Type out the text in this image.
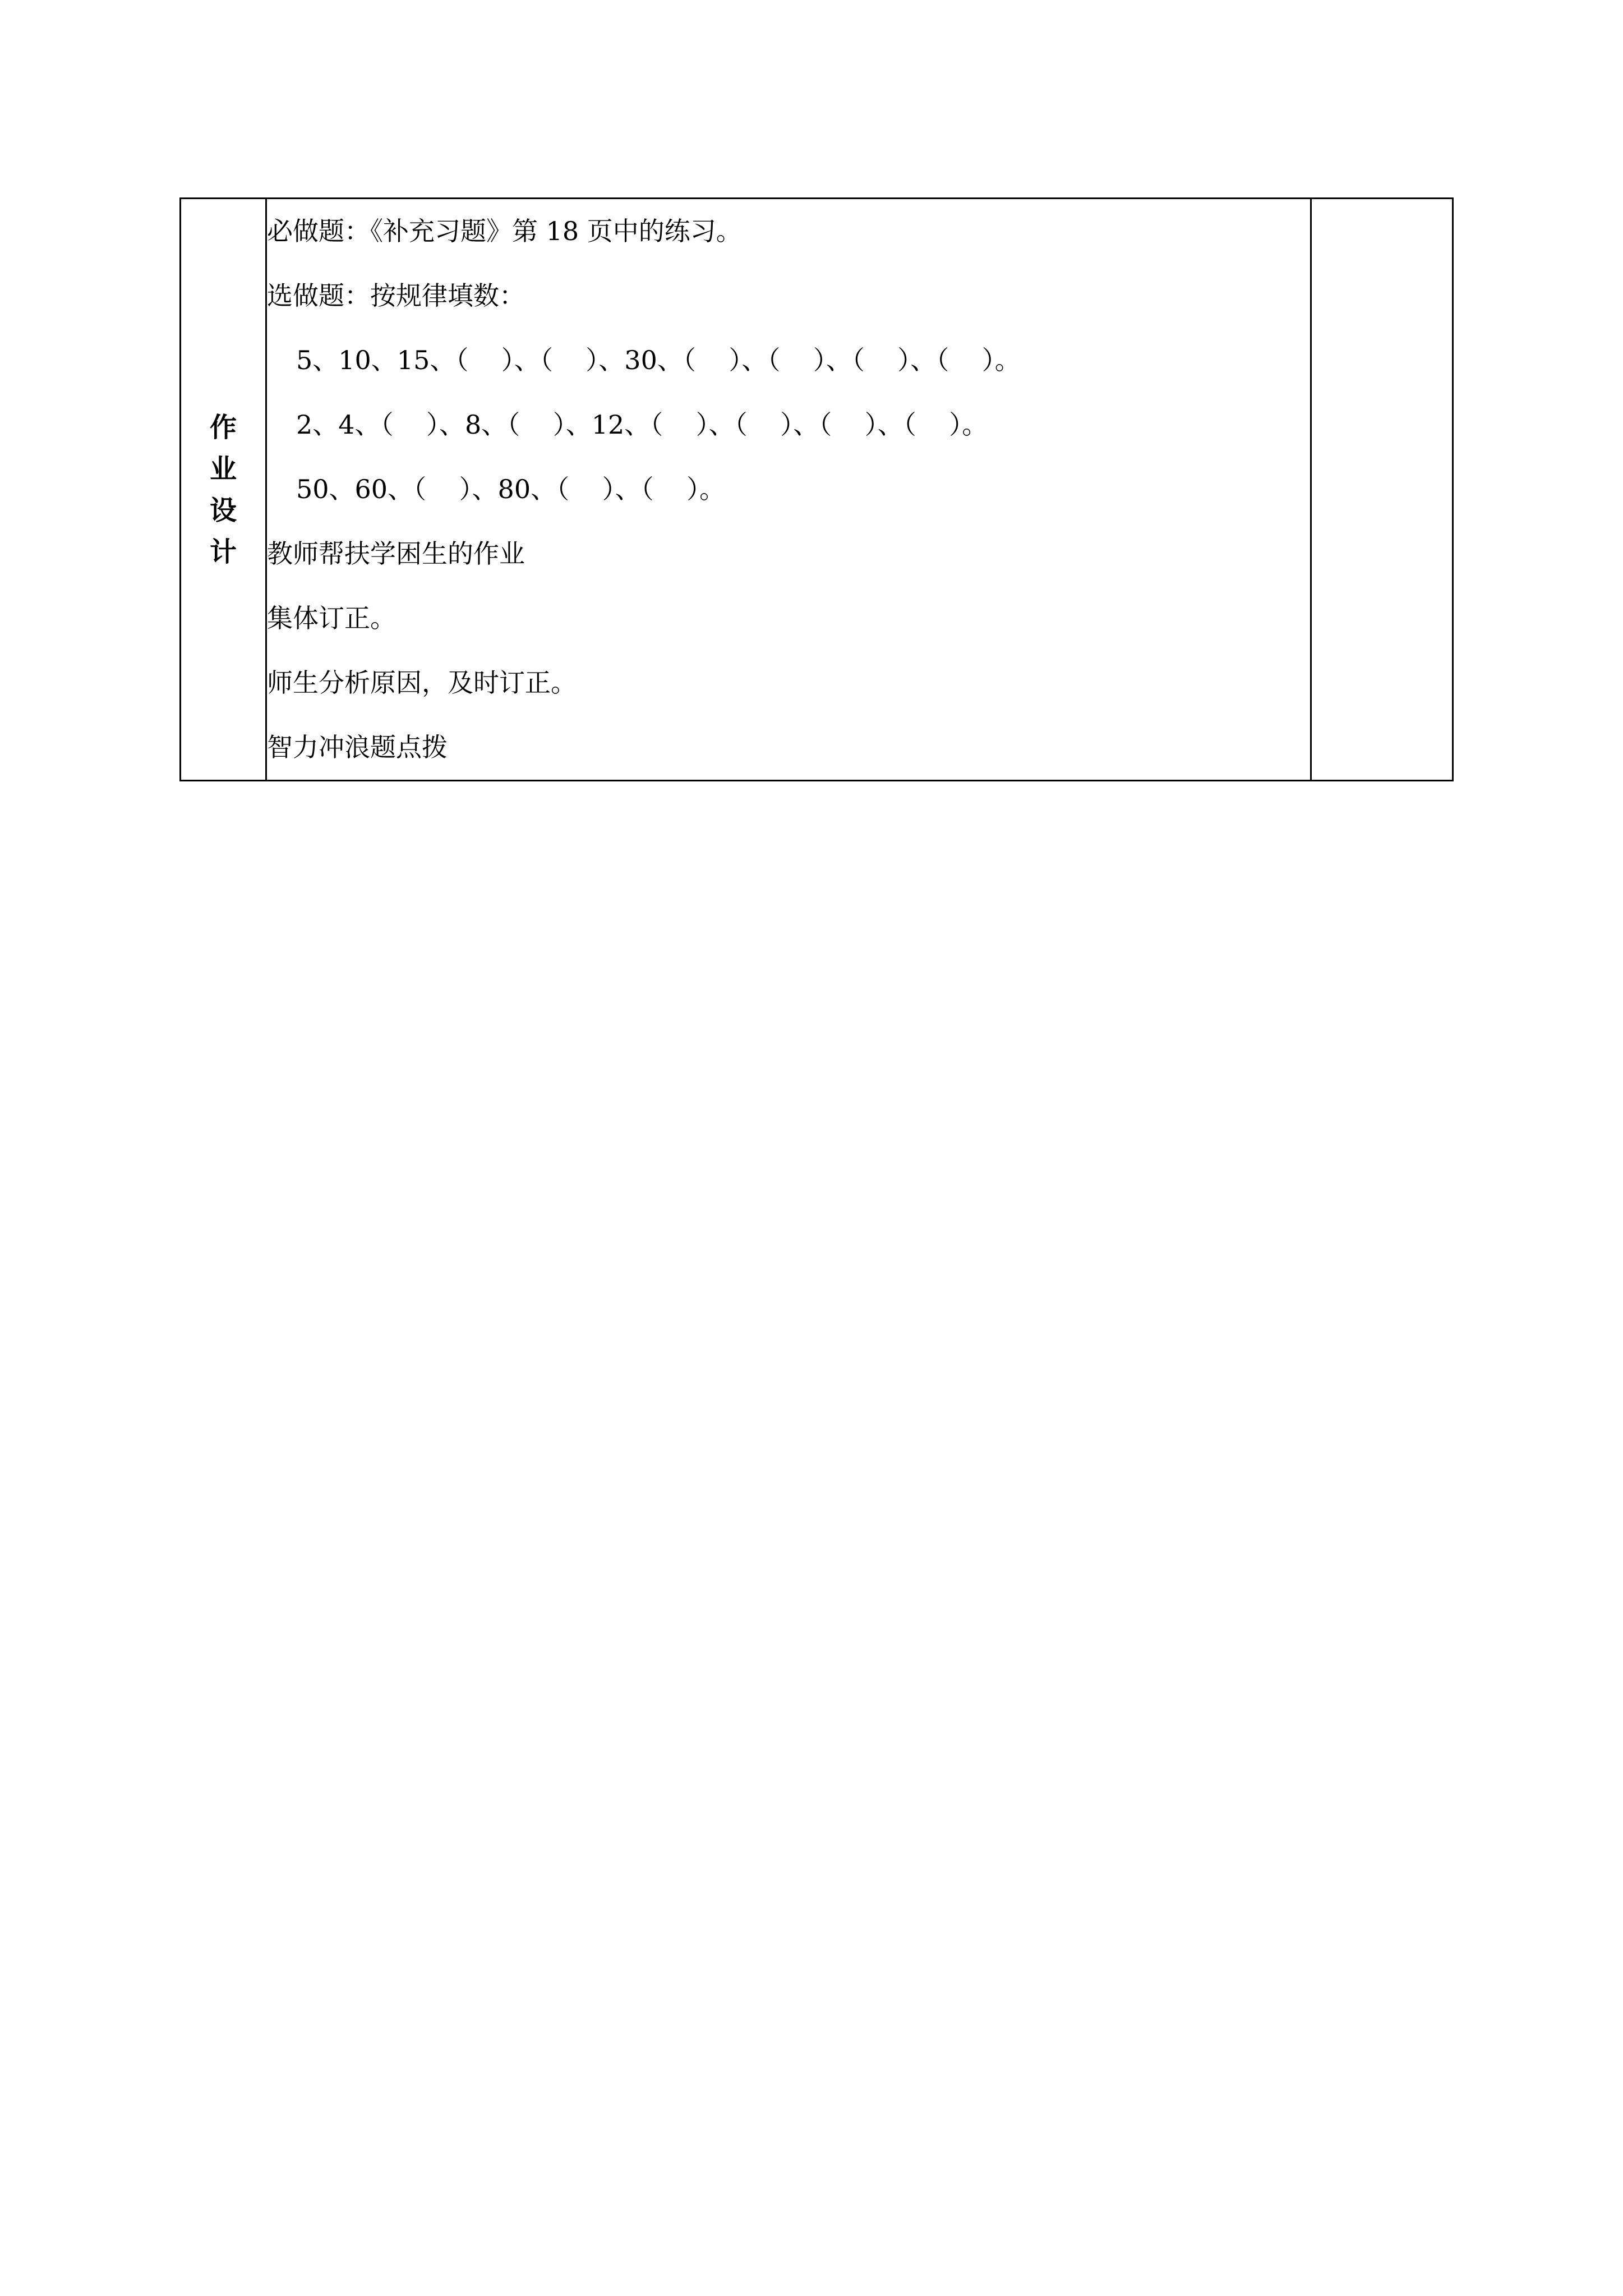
作业设计	
必做题：《补充习题》第 18 页中的练习。
选做题：按规律填数：
5、10、15、（    ）、（    ）、30、（    ）、（    ）、（    ）、（    ）。
2、4、（    ）、8、（    ）、12、（    ）、（    ）、（    ）、（    ）。
50、60、（    ）、80、（    ）、（    ）。
教师帮扶学困生的作业
集体订正。
师生分析原因，及时订正。
智力冲浪题点拨
